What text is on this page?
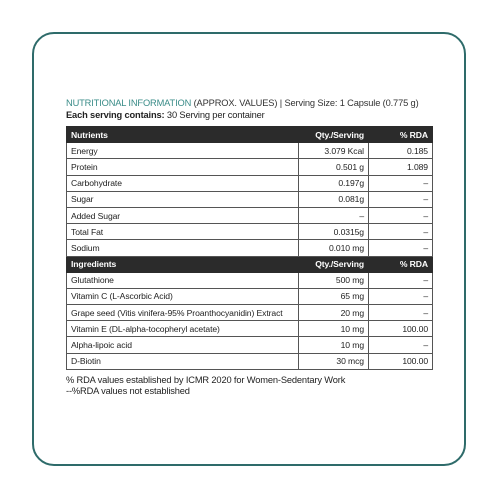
NUTRITIONAL INFORMATION (APPROX. VALUES) | Serving Size: 1 Capsule (0.775 g)
Each serving contains: 30 Serving per container
Nutrients	Qty./Serving	% RDA
Energy	3.079 Kcal	0.185
Protein	0.501 g	1.089
Carbohydrate	0.197g	–
Sugar	0.081g	–
Added Sugar	–	–
Total Fat	0.0315g	–
Sodium	0.010 mg	–
Ingredients	Qty./Serving	% RDA
Glutathione	500 mg	–
Vitamin C (L-Ascorbic Acid)	65 mg	–
Grape seed (Vitis vinifera-95% Proanthocyanidin) Extract	20 mg	–
Vitamin E (DL-alpha-tocopheryl acetate)	10 mg	100.00
Alpha-lipoic acid	10 mg	–
D-Biotin	30 mcg	100.00
% RDA values established by ICMR 2020 for Women-Sedentary Work
--%RDA values not established
